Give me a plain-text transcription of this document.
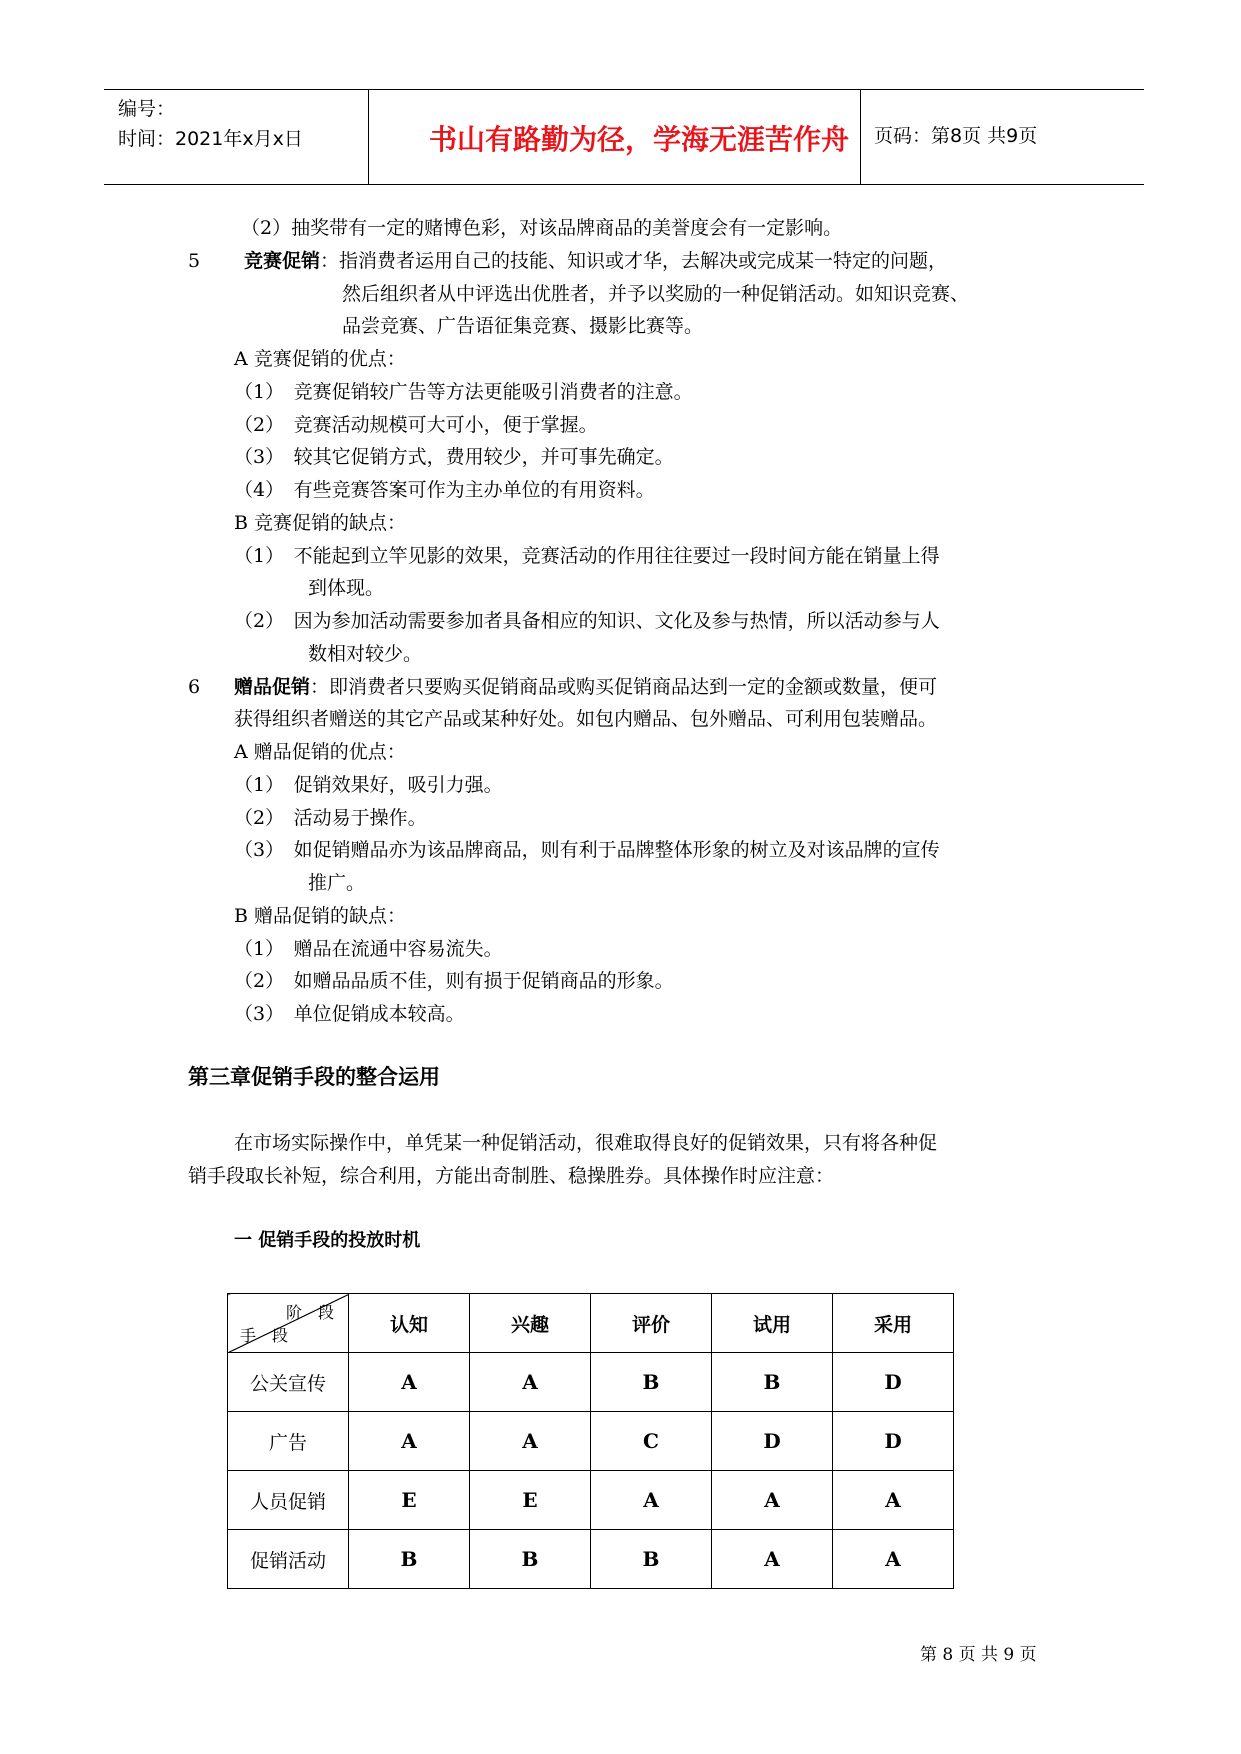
编号：
时间：2021年x月x日	书山有路勤为径，学海无涯苦作舟	页码：第8页 共9页
（2）抽奖带有一定的赌博色彩，对该品牌商品的美誉度会有一定影响。
5 竞赛促销：指消费者运用自己的技能、知识或才华，去解决或完成某一特定的问题，
然后组织者从中评选出优胜者，并予以奖励的一种促销活动。如知识竞赛、
品尝竞赛、广告语征集竞赛、摄影比赛等。
A 竞赛促销的优点：
（1）　竞赛促销较广告等方法更能吸引消费者的注意。
（2）　竞赛活动规模可大可小，便于掌握。
（3）　较其它促销方式，费用较少，并可事先确定。
（4）　有些竞赛答案可作为主办单位的有用资料。
B 竞赛促销的缺点：
（1）　不能起到立竿见影的效果，竞赛活动的作用往往要过一段时间方能在销量上得
到体现。
（2）　因为参加活动需要参加者具备相应的知识、文化及参与热情，所以活动参与人
数相对较少。
6 赠品促销：即消费者只要购买促销商品或购买促销商品达到一定的金额或数量，便可
获得组织者赠送的其它产品或某种好处。如包内赠品、包外赠品、可利用包装赠品。
A 赠品促销的优点：
（1）　促销效果好，吸引力强。
（2）　活动易于操作。
（3）　如促销赠品亦为该品牌商品，则有利于品牌整体形象的树立及对该品牌的宣传
推广。
B 赠品促销的缺点：
（1）　赠品在流通中容易流失。
（2）　如赠品品质不佳，则有损于促销商品的形象。
（3）　单位促销成本较高。
第三章促销手段的整合运用
在市场实际操作中，单凭某一种促销活动，很难取得良好的促销效果，只有将各种促
销手段取长补短，综合利用，方能出奇制胜、稳操胜券。具体操作时应注意：
一 促销手段的投放时机
阶　段
手　段	认知	兴趣	评价	试用	采用
公关宣传	A	A	B	B	D
广告	A	A	C	D	D
人员促销	E	E	A	A	A
促销活动	B	B	B	A	A
第 8 页 共 9 页
